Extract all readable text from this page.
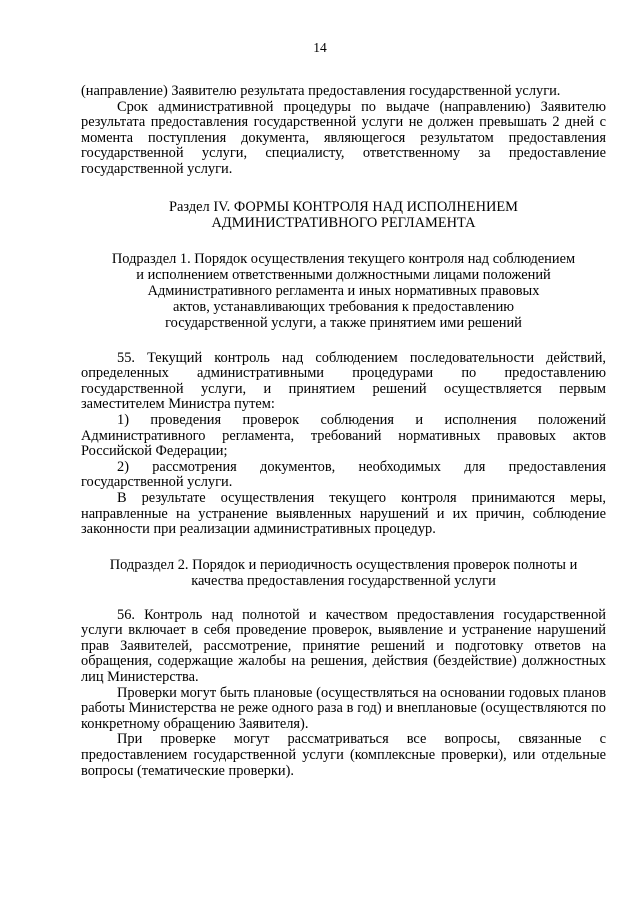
14

(направление) Заявителю результата предоставления государственной услуги.

Срок административной процедуры по выдаче (направлению) Заявителю результата предоставления государственной услуги не должен превышать 2 дней с момента поступления документа, являющегося результатом предоставления государственной услуги, специалисту, ответственному за предоставление государственной услуги.

Раздел IV. ФОРМЫ КОНТРОЛЯ НАД ИСПОЛНЕНИЕМ
АДМИНИСТРАТИВНОГО РЕГЛАМЕНТА
Подраздел 1. Порядок осуществления текущего контроля над соблюдением
и исполнением ответственными должностными лицами положений
Административного регламента и иных нормативных правовых
актов, устанавливающих требования к предоставлению
государственной услуги, а также принятием ими решений

55. Текущий контроль над соблюдением последовательности действий, определенных административными процедурами по предоставлению государственной услуги, и принятием решений осуществляется первым заместителем Министра путем:

1) проведения проверок соблюдения и исполнения положений Административного регламента, требований нормативных правовых актов Российской Федерации;

2) рассмотрения документов, необходимых для предоставления государственной услуги.

В результате осуществления текущего контроля принимаются меры, направленные на устранение выявленных нарушений и их причин, соблюдение законности при реализации административных процедур.

Подраздел 2. Порядок и периодичность осуществления проверок полноты и
качества предоставления государственной услуги

56. Контроль над полнотой и качеством предоставления государственной услуги включает в себя проведение проверок, выявление и устранение нарушений прав Заявителей, рассмотрение, принятие решений и подготовку ответов на обращения, содержащие жалобы на решения, действия (бездействие) должностных лиц Министерства.

Проверки могут быть плановые (осуществляться на основании годовых планов работы Министерства не реже одного раза в год) и внеплановые (осуществляются по конкретному обращению Заявителя).

При проверке могут рассматриваться все вопросы, связанные с предоставлением государственной услуги (комплексные проверки), или отдельные вопросы (тематические проверки).
